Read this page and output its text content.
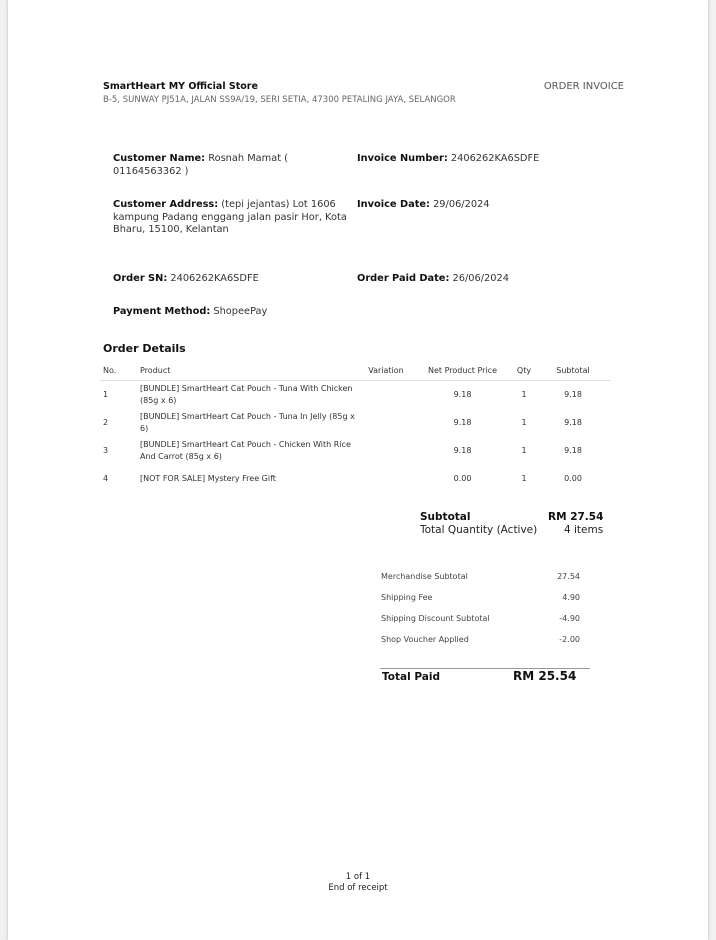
SmartHeart MY Official Store
B-5, SUNWAY PJ51A, JALAN SS9A/19, SERI SETIA, 47300 PETALING JAYA, SELANGOR
ORDER INVOICE
Customer Name: Rosnah Mamat ( 01164563362 )
Invoice Number: 2406262KA6SDFE
Customer Address: (tepi jejantas) Lot 1606 kampung Padang enggang jalan pasir Hor, Kota Bharu, 15100, Kelantan
Invoice Date: 29/06/2024
Order SN: 2406262KA6SDFE	Order Paid Date: 26/06/2024
Payment Method: ShopeePay
Order Details
No.	Product	Variation	Net Product Price	Qty	Subtotal
1	[BUNDLE] SmartHeart Cat Pouch - Tuna With Chicken (85g x 6)		9.18	1	9.18
2	[BUNDLE] SmartHeart Cat Pouch - Tuna In Jelly (85g x 6)		9.18	1	9.18
3	[BUNDLE] SmartHeart Cat Pouch - Chicken With Rice And Carrot (85g x 6)		9.18	1	9.18
4	[NOT FOR SALE] Mystery Free Gift		0.00	1	0.00
Subtotal	RM 27.54
Total Quantity (Active)	4 items
Merchandise Subtotal	27.54
Shipping Fee	4.90
Shipping Discount Subtotal	-4.90
Shop Voucher Applied	-2.00
Total Paid	RM 25.54
1 of 1
End of receipt
